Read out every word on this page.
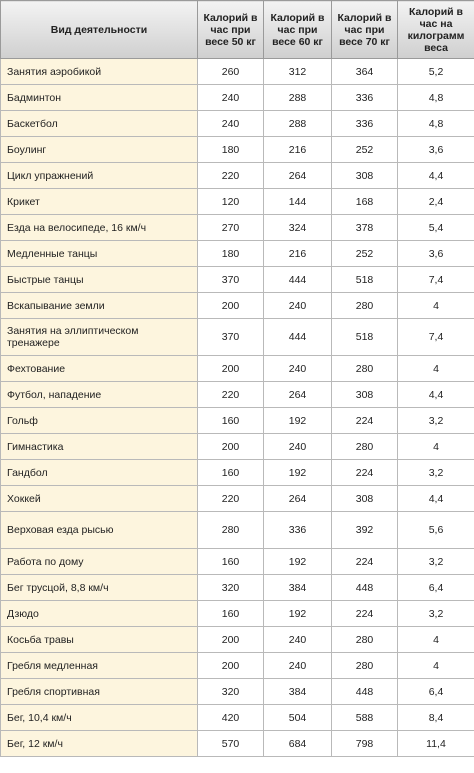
Вид деятельности	Калорий в час при весе 50 кг	Калорий в час при весе 60 кг	Калорий в час при весе 70 кг	Калорий в час на килограмм веса
Занятия аэробикой	260	312	364	5,2
Бадминтон	240	288	336	4,8
Баскетбол	240	288	336	4,8
Боулинг	180	216	252	3,6
Цикл упражнений	220	264	308	4,4
Крикет	120	144	168	2,4
Езда на велосипеде, 16 км/ч	270	324	378	5,4
Медленные танцы	180	216	252	3,6
Быстрые танцы	370	444	518	7,4
Вскапывание земли	200	240	280	4
Занятия на эллиптическом тренажере	370	444	518	7,4
Фехтование	200	240	280	4
Футбол, нападение	220	264	308	4,4
Гольф	160	192	224	3,2
Гимнастика	200	240	280	4
Гандбол	160	192	224	3,2
Хоккей	220	264	308	4,4
Верховая езда рысью	280	336	392	5,6
Работа по дому	160	192	224	3,2
Бег трусцой, 8,8 км/ч	320	384	448	6,4
Дзюдо	160	192	224	3,2
Косьба травы	200	240	280	4
Гребля медленная	200	240	280	4
Гребля спортивная	320	384	448	6,4
Бег, 10,4 км/ч	420	504	588	8,4
Бег, 12 км/ч	570	684	798	11,4
